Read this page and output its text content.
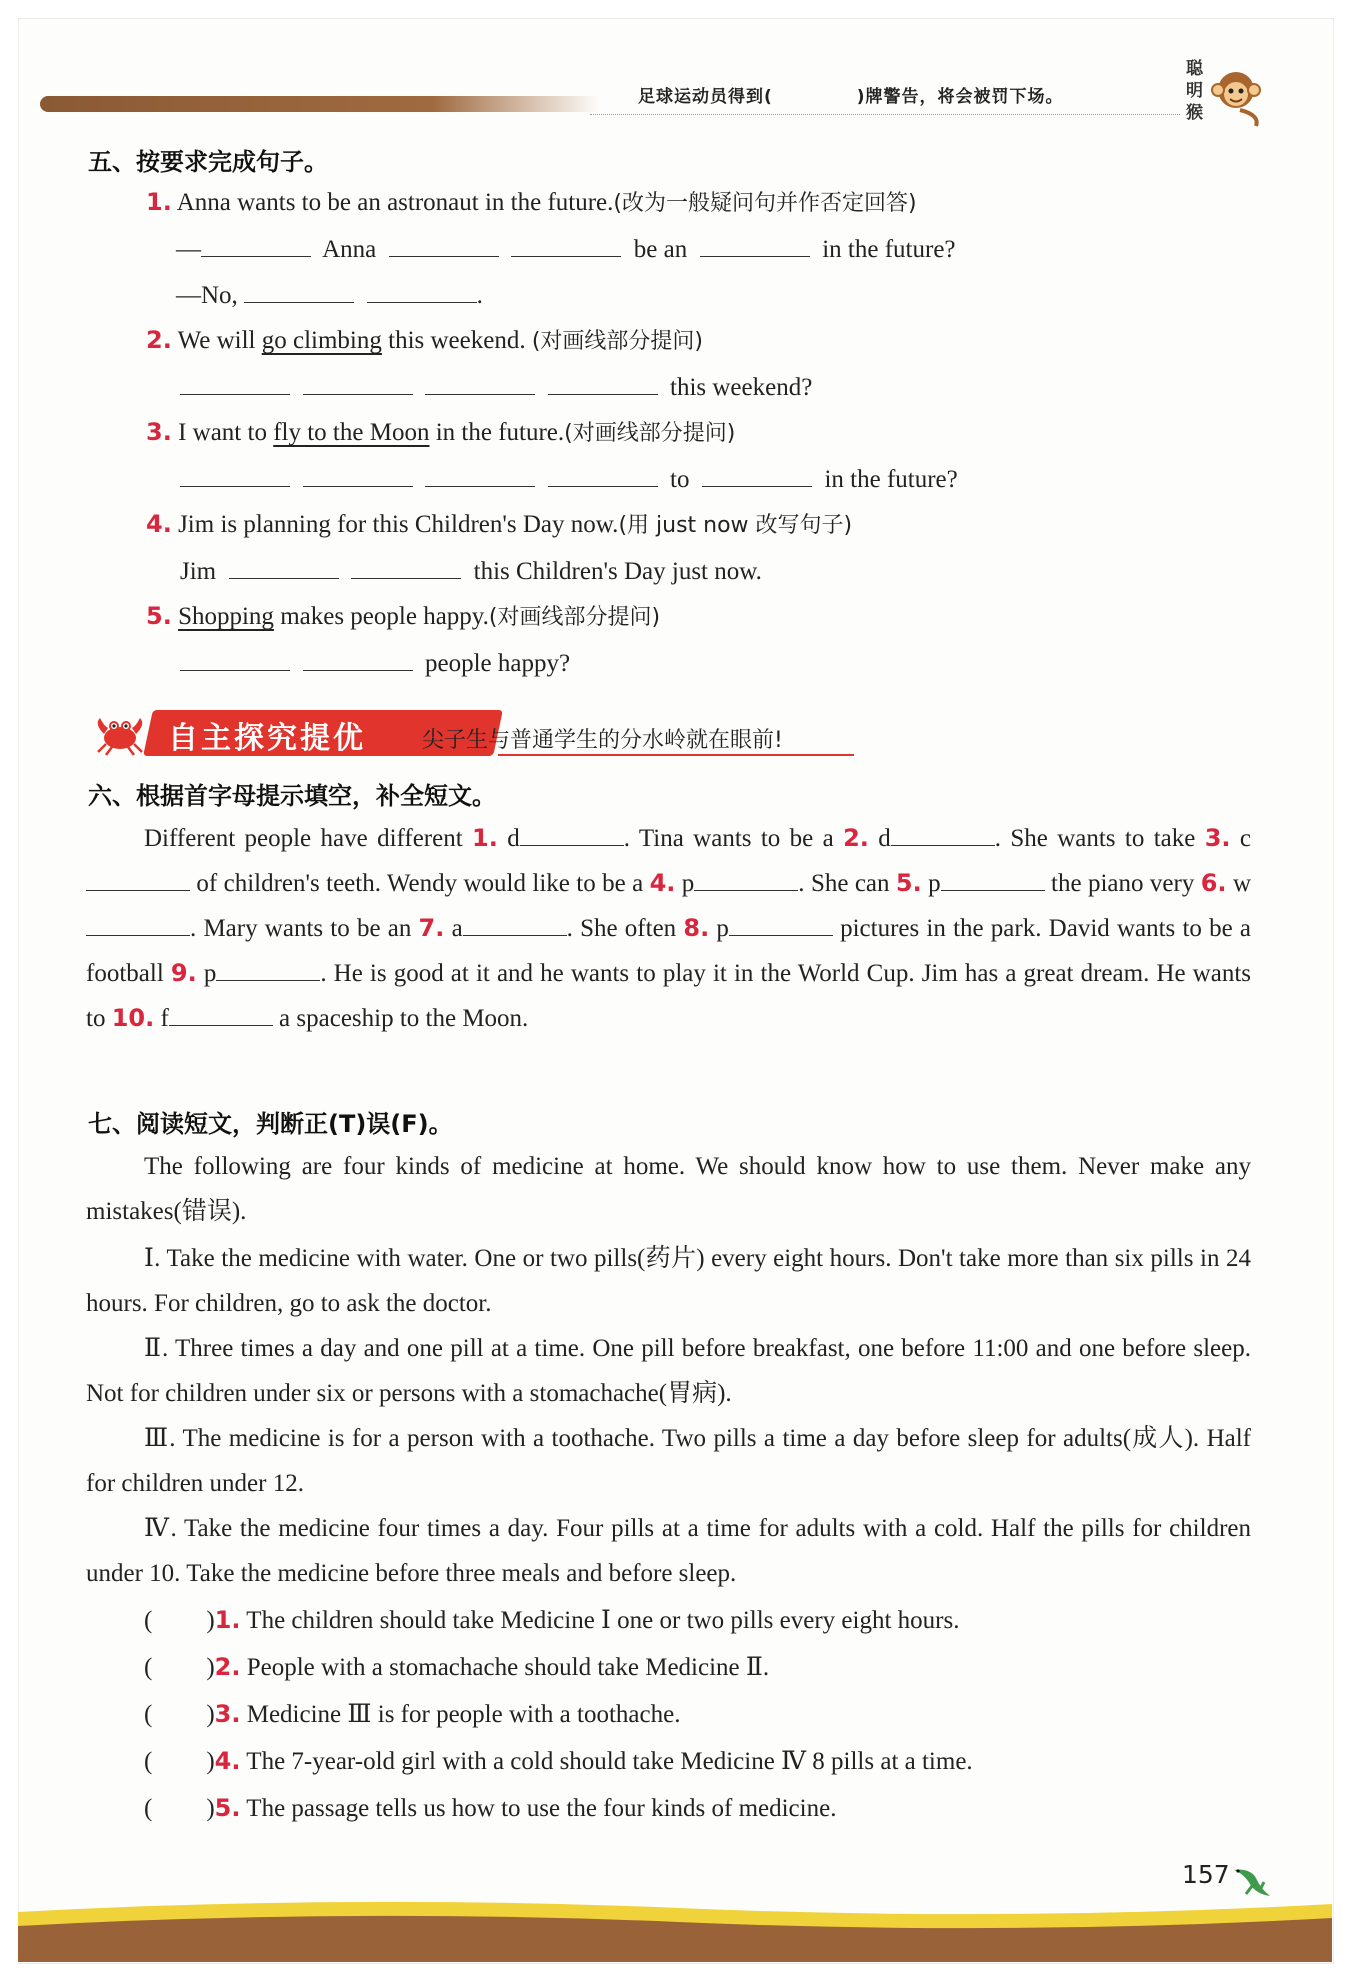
足球运动员得到(	)牌警告，将会被罚下场。
聪明猴
五、按要求完成句子。
1. Anna wants to be an astronaut in the future.(改为一般疑问句并作否定回答)
—	Anna	be an	in the future?
—No,	.
2. We will go climbing this weekend. (对画线部分提问)
this weekend?
3. I want to fly to the Moon in the future.(对画线部分提问)
to	in the future?
4. Jim is planning for this Children's Day now.(用 just now 改写句子)
Jim	this Children's Day just now.
5. Shopping makes people happy.(对画线部分提问)
people happy?
自主探究提优	尖子生与普通学生的分水岭就在眼前!
六、根据首字母提示填空，补全短文。
Different people have different 1. d	. Tina wants to be a 2. d	. She wants to take 3. c of children's teeth. Wendy would like to be a 4. p	. She can 5. p	the piano very 6. w. Mary wants to be an 7. a	. She often 8. p	pictures in the park. David wants to be a football 9. p	. He is good at it and he wants to play it in the World Cup. Jim has a great dream. He wants to 10. f	a spaceship to the Moon.
七、阅读短文，判断正(T)误(F)。
The following are four kinds of medicine at home. We should know how to use them. Never make any mistakes(错误).
Ⅰ. Take the medicine with water. One or two pills(药片) every eight hours. Don't take more than six pills in 24 hours. For children, go to ask the doctor.
Ⅱ. Three times a day and one pill at a time. One pill before breakfast, one before 11:00 and one before sleep. Not for children under six or persons with a stomachache(胃病).
Ⅲ. The medicine is for a person with a toothache. Two pills a time a day before sleep for adults(成人). Half for children under 12.
Ⅳ. Take the medicine four times a day. Four pills at a time for adults with a cold. Half the pills for children under 10. Take the medicine before three meals and before sleep.
( )1. The children should take Medicine Ⅰ one or two pills every eight hours.
( )2. People with a stomachache should take Medicine Ⅱ.
( )3. Medicine Ⅲ is for people with a toothache.
( )4. The 7-year-old girl with a cold should take Medicine Ⅳ 8 pills at a time.
( )5. The passage tells us how to use the four kinds of medicine.
157
